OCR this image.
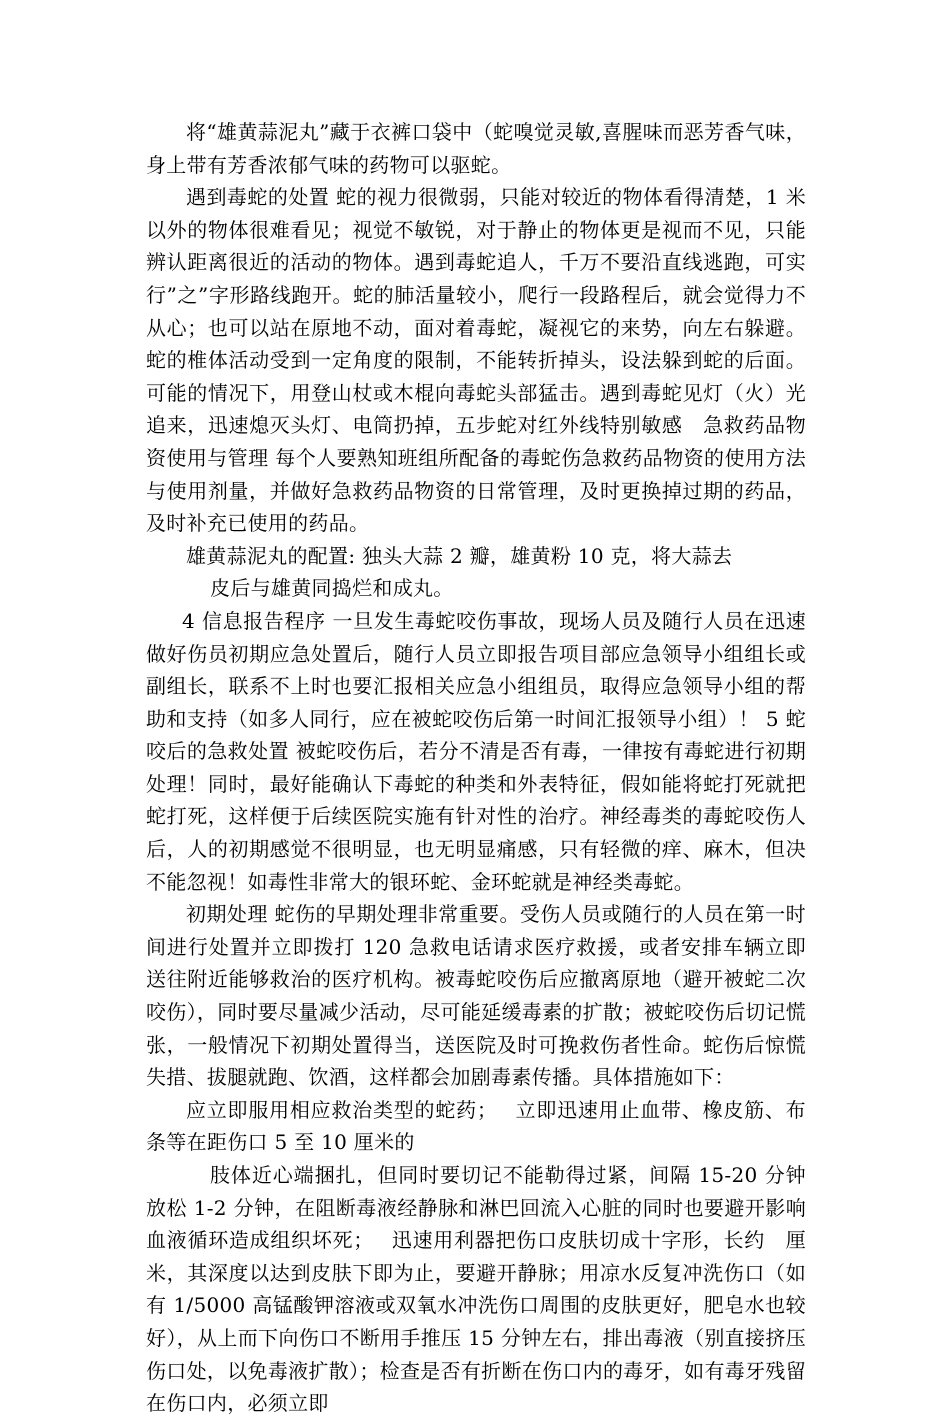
将“雄黄蒜泥丸”藏于衣裤口袋中（蛇嗅觉灵敏,喜腥味而恶芳香气味，身上带有芳香浓郁气味的药物可以驱蛇。

遇到毒蛇的处置 蛇的视力很微弱，只能对较近的物体看得清楚，1 米以外的物体很难看见；视觉不敏锐，对于静止的物体更是视而不见，只能辨认距离很近的活动的物体。遇到毒蛇追人，千万不要沿直线逃跑，可实行”之”字形路线跑开。蛇的肺活量较小，爬行一段路程后，就会觉得力不从心；也可以站在原地不动，面对着毒蛇，凝视它的来势，向左右躲避。蛇的椎体活动受到一定角度的限制，不能转折掉头，设法躲到蛇的后面。可能的情况下，用登山杖或木棍向毒蛇头部猛击。遇到毒蛇见灯（火）光追来，迅速熄灭头灯、电筒扔掉，五步蛇对红外线特别敏感　急救药品物资使用与管理 每个人要熟知班组所配备的毒蛇伤急救药品物资的使用方法与使用剂量，并做好急救药品物资的日常管理，及时更换掉过期的药品，及时补充已使用的药品。

雄黄蒜泥丸的配置: 独头大蒜 2 瓣，雄黄粉 10 克，将大蒜去

皮后与雄黄同捣烂和成丸。

4 信息报告程序 一旦发生毒蛇咬伤事故，现场人员及随行人员在迅速做好伤员初期应急处置后，随行人员立即报告项目部应急领导小组组长或副组长，联系不上时也要汇报相关应急小组组员，取得应急领导小组的帮助和支持（如多人同行，应在被蛇咬伤后第一时间汇报领导小组）！ 5 蛇咬后的急救处置 被蛇咬伤后，若分不清是否有毒，一律按有毒蛇进行初期处理！同时，最好能确认下毒蛇的种类和外表特征，假如能将蛇打死就把蛇打死，这样便于后续医院实施有针对性的治疗。神经毒类的毒蛇咬伤人后，人的初期感觉不很明显，也无明显痛感，只有轻微的痒、麻木，但决不能忽视！如毒性非常大的银环蛇、金环蛇就是神经类毒蛇。

初期处理 蛇伤的早期处理非常重要。受伤人员或随行的人员在第一时间进行处置并立即拨打 120 急救电话请求医疗救援，或者安排车辆立即送往附近能够救治的医疗机构。被毒蛇咬伤后应撤离原地（避开被蛇二次咬伤），同时要尽量减少活动，尽可能延缓毒素的扩散；被蛇咬伤后切记慌张，一般情况下初期处置得当，送医院及时可挽救伤者性命。蛇伤后惊慌失措、拔腿就跑、饮酒，这样都会加剧毒素传播。具体措施如下：

应立即服用相应救治类型的蛇药；　 立即迅速用止血带、橡皮筋、布条等在距伤口 5 至 10 厘米的

肢体近心端捆扎，但同时要切记不能勒得过紧，间隔 15-20 分钟放松 1-2 分钟，在阻断毒液经静脉和淋巴回流入心脏的同时也要避开影响血液循环造成组织坏死；　 迅速用利器把伤口皮肤切成十字形，长约　厘米，其深度以达到皮肤下即为止，要避开静脉；用凉水反复冲洗伤口（如有 1/5000 高锰酸钾溶液或双氧水冲洗伤口周围的皮肤更好，肥皂水也较好），从上而下向伤口不断用手推压 15 分钟左右，排出毒液（别直接挤压伤口处，以免毒液扩散）；检查是否有折断在伤口内的毒牙，如有毒牙残留在伤口内，必须立即
